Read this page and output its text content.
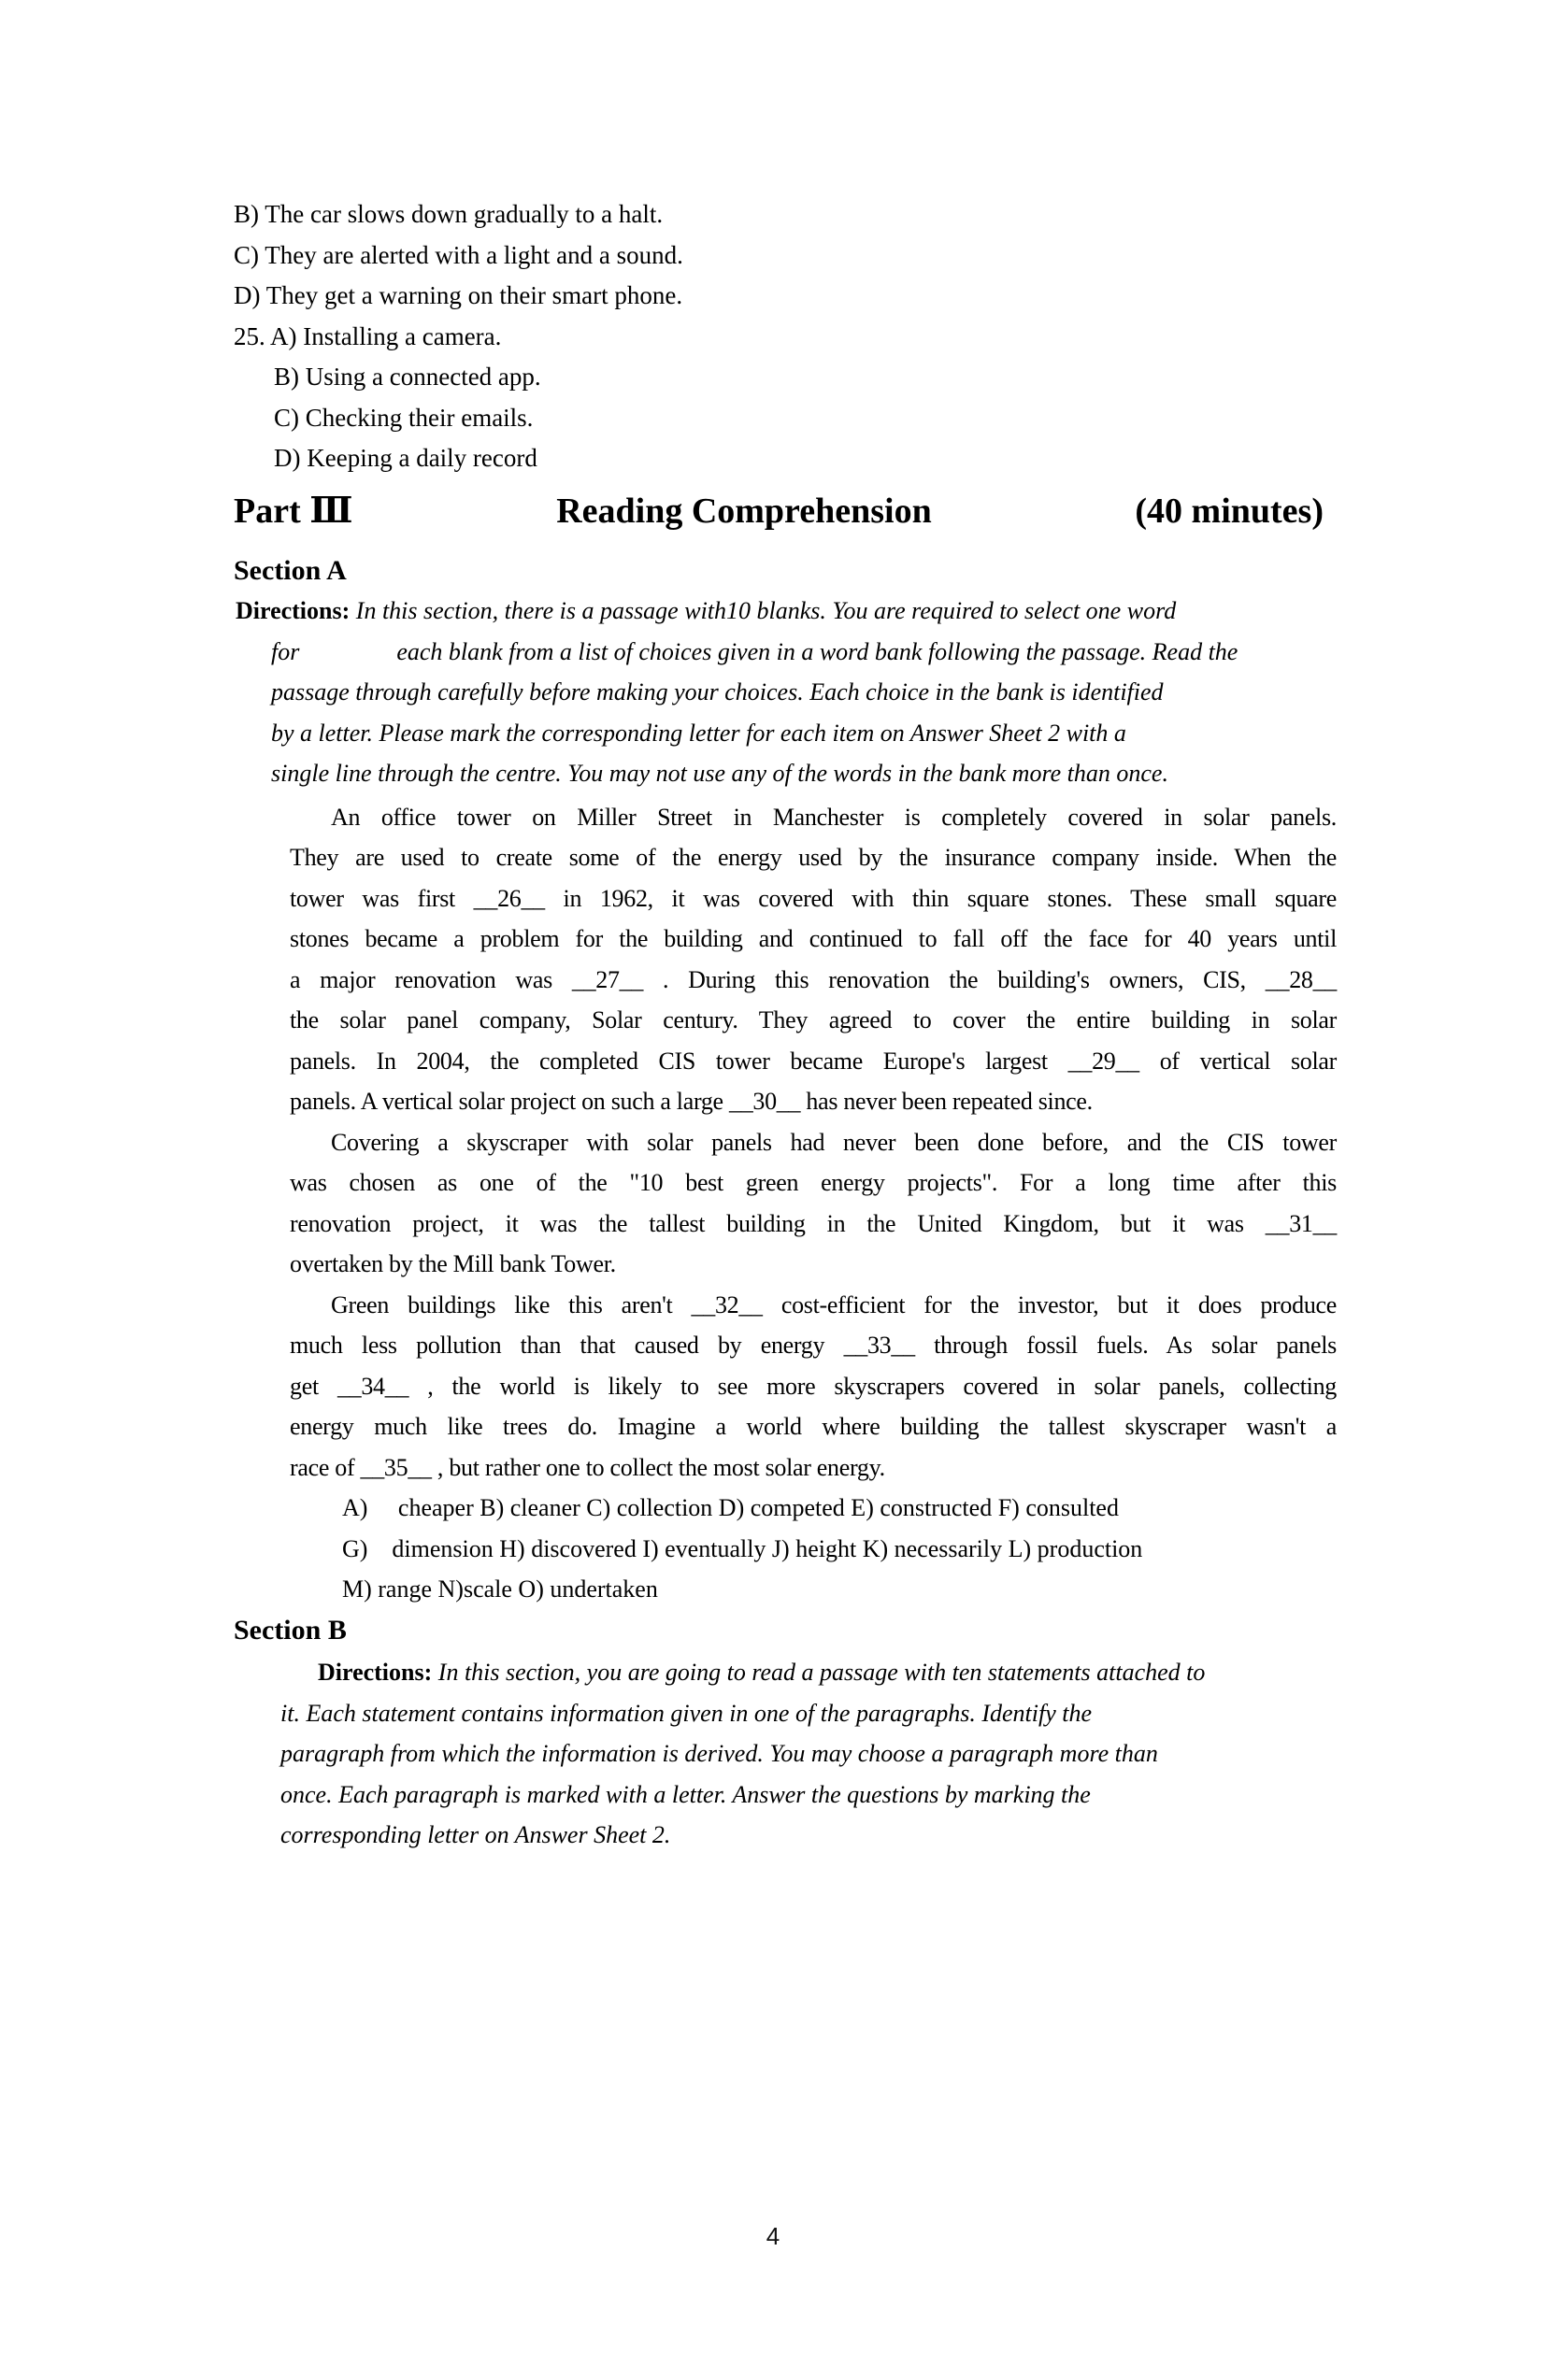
B) The car slows down gradually to a halt.
C) They are alerted with a light and a sound.
D) They get a warning on their smart phone.
25. A) Installing a camera.
B) Using a connected app.
C) Checking their emails.
D) Keeping a daily record
Part Ⅲ	Reading Comprehension	(40 minutes)
Section A
Directions: In this section, there is a passage with10 blanks. You are required to select one word
for    each blank from a list of choices given in a word bank following the passage. Read the
passage through carefully before making your choices. Each choice in the bank is identified
by a letter. Please mark the corresponding letter for each item on Answer Sheet 2 with a
single line through the centre. You may not use any of the words in the bank more than once.
An office tower on Miller Street in Manchester is completely covered in solar panels.
They are used to create some of the energy used by the insurance company inside. When the
tower was first __26__ in 1962, it was covered with thin square stones. These small square
stones became a problem for the building and continued to fall off the face for 40 years until
a major renovation was __27__ . During this renovation the building's owners, CIS, __28__
the solar panel company, Solar century. They agreed to cover the entire building in solar
panels. In 2004, the completed CIS tower became Europe's largest __29__ of vertical solar
panels. A vertical solar project on such a large __30__ has never been repeated since.
Covering a skyscraper with solar panels had never been done before, and the CIS tower
was chosen as one of the "10 best green energy projects". For a long time after this
renovation project, it was the tallest building in the United Kingdom, but it was __31__
overtaken by the Mill bank Tower.
Green buildings like this aren't __32__ cost-efficient for the investor, but it does produce
much less pollution than that caused by energy __33__ through fossil fuels. As solar panels
get __34__ , the world is likely to see more skyscrapers covered in solar panels, collecting
energy much like trees do. Imagine a world where building the tallest skyscraper wasn't a
race of __35__ , but rather one to collect the most solar energy.
A)  cheaper B) cleaner C) collection D) competed E) constructed F) consulted
G) dimension H) discovered I) eventually J) height K) necessarily L) production
M) range N)scale O) undertaken
Section B
Directions: In this section, you are going to read a passage with ten statements attached to
it. Each statement contains information given in one of the paragraphs. Identify the
paragraph from which the information is derived. You may choose a paragraph more than
once. Each paragraph is marked with a letter. Answer the questions by marking the
corresponding letter on Answer Sheet 2.
4
